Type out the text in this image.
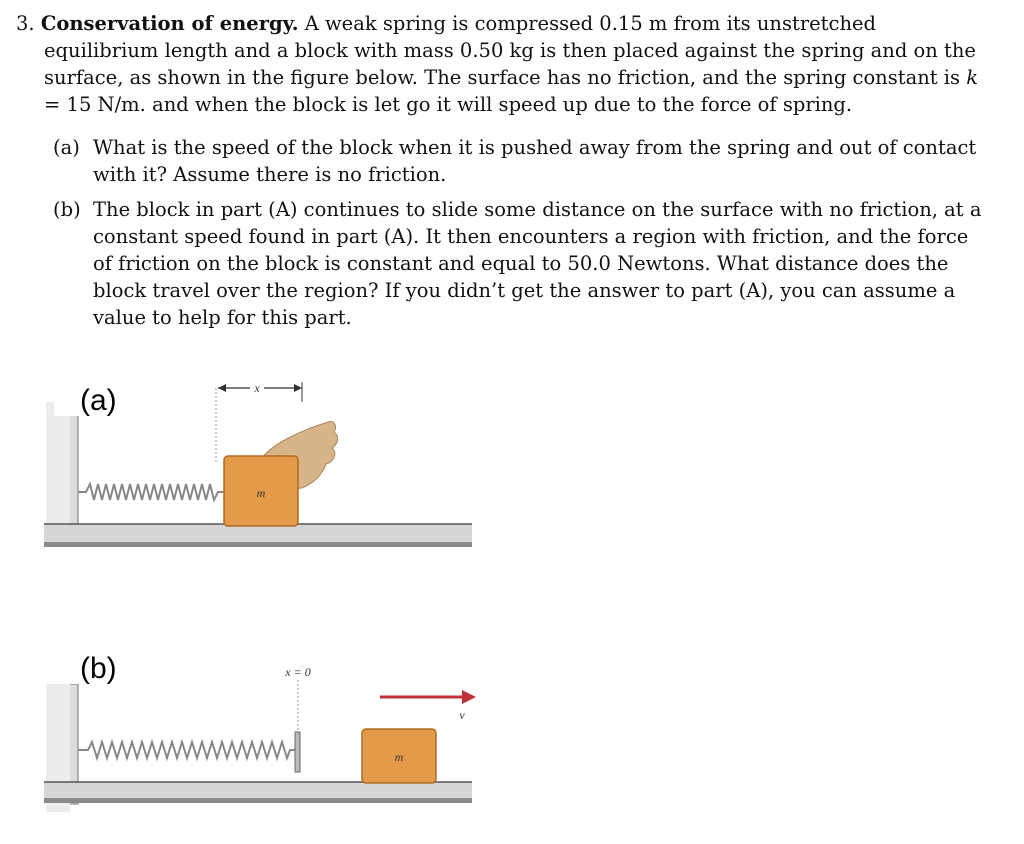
3. Conservation of energy. A weak spring is compressed 0.15 m from its unstretched equilibrium length and a block with mass 0.50 kg is then placed against the spring and on the surface, as shown in the figure below. The surface has no friction, and the spring constant is k = 15 N/m. and when the block is let go it will speed up due to the force of spring.

(a) What is the speed of the block when it is pushed away from the spring and out of contact with it? Assume there is no friction.
(b) The block in part (A) continues to slide some distance on the surface with no friction, at a constant speed found in part (A). It then encounters a region with friction, and the force of friction on the block is constant and equal to 50.0 Newtons. What distance does the block travel over the region? If you didn’t get the answer to part (A), you can assume a value to help for this part.
x
m
(a)
x = 0
v
m
(b)
